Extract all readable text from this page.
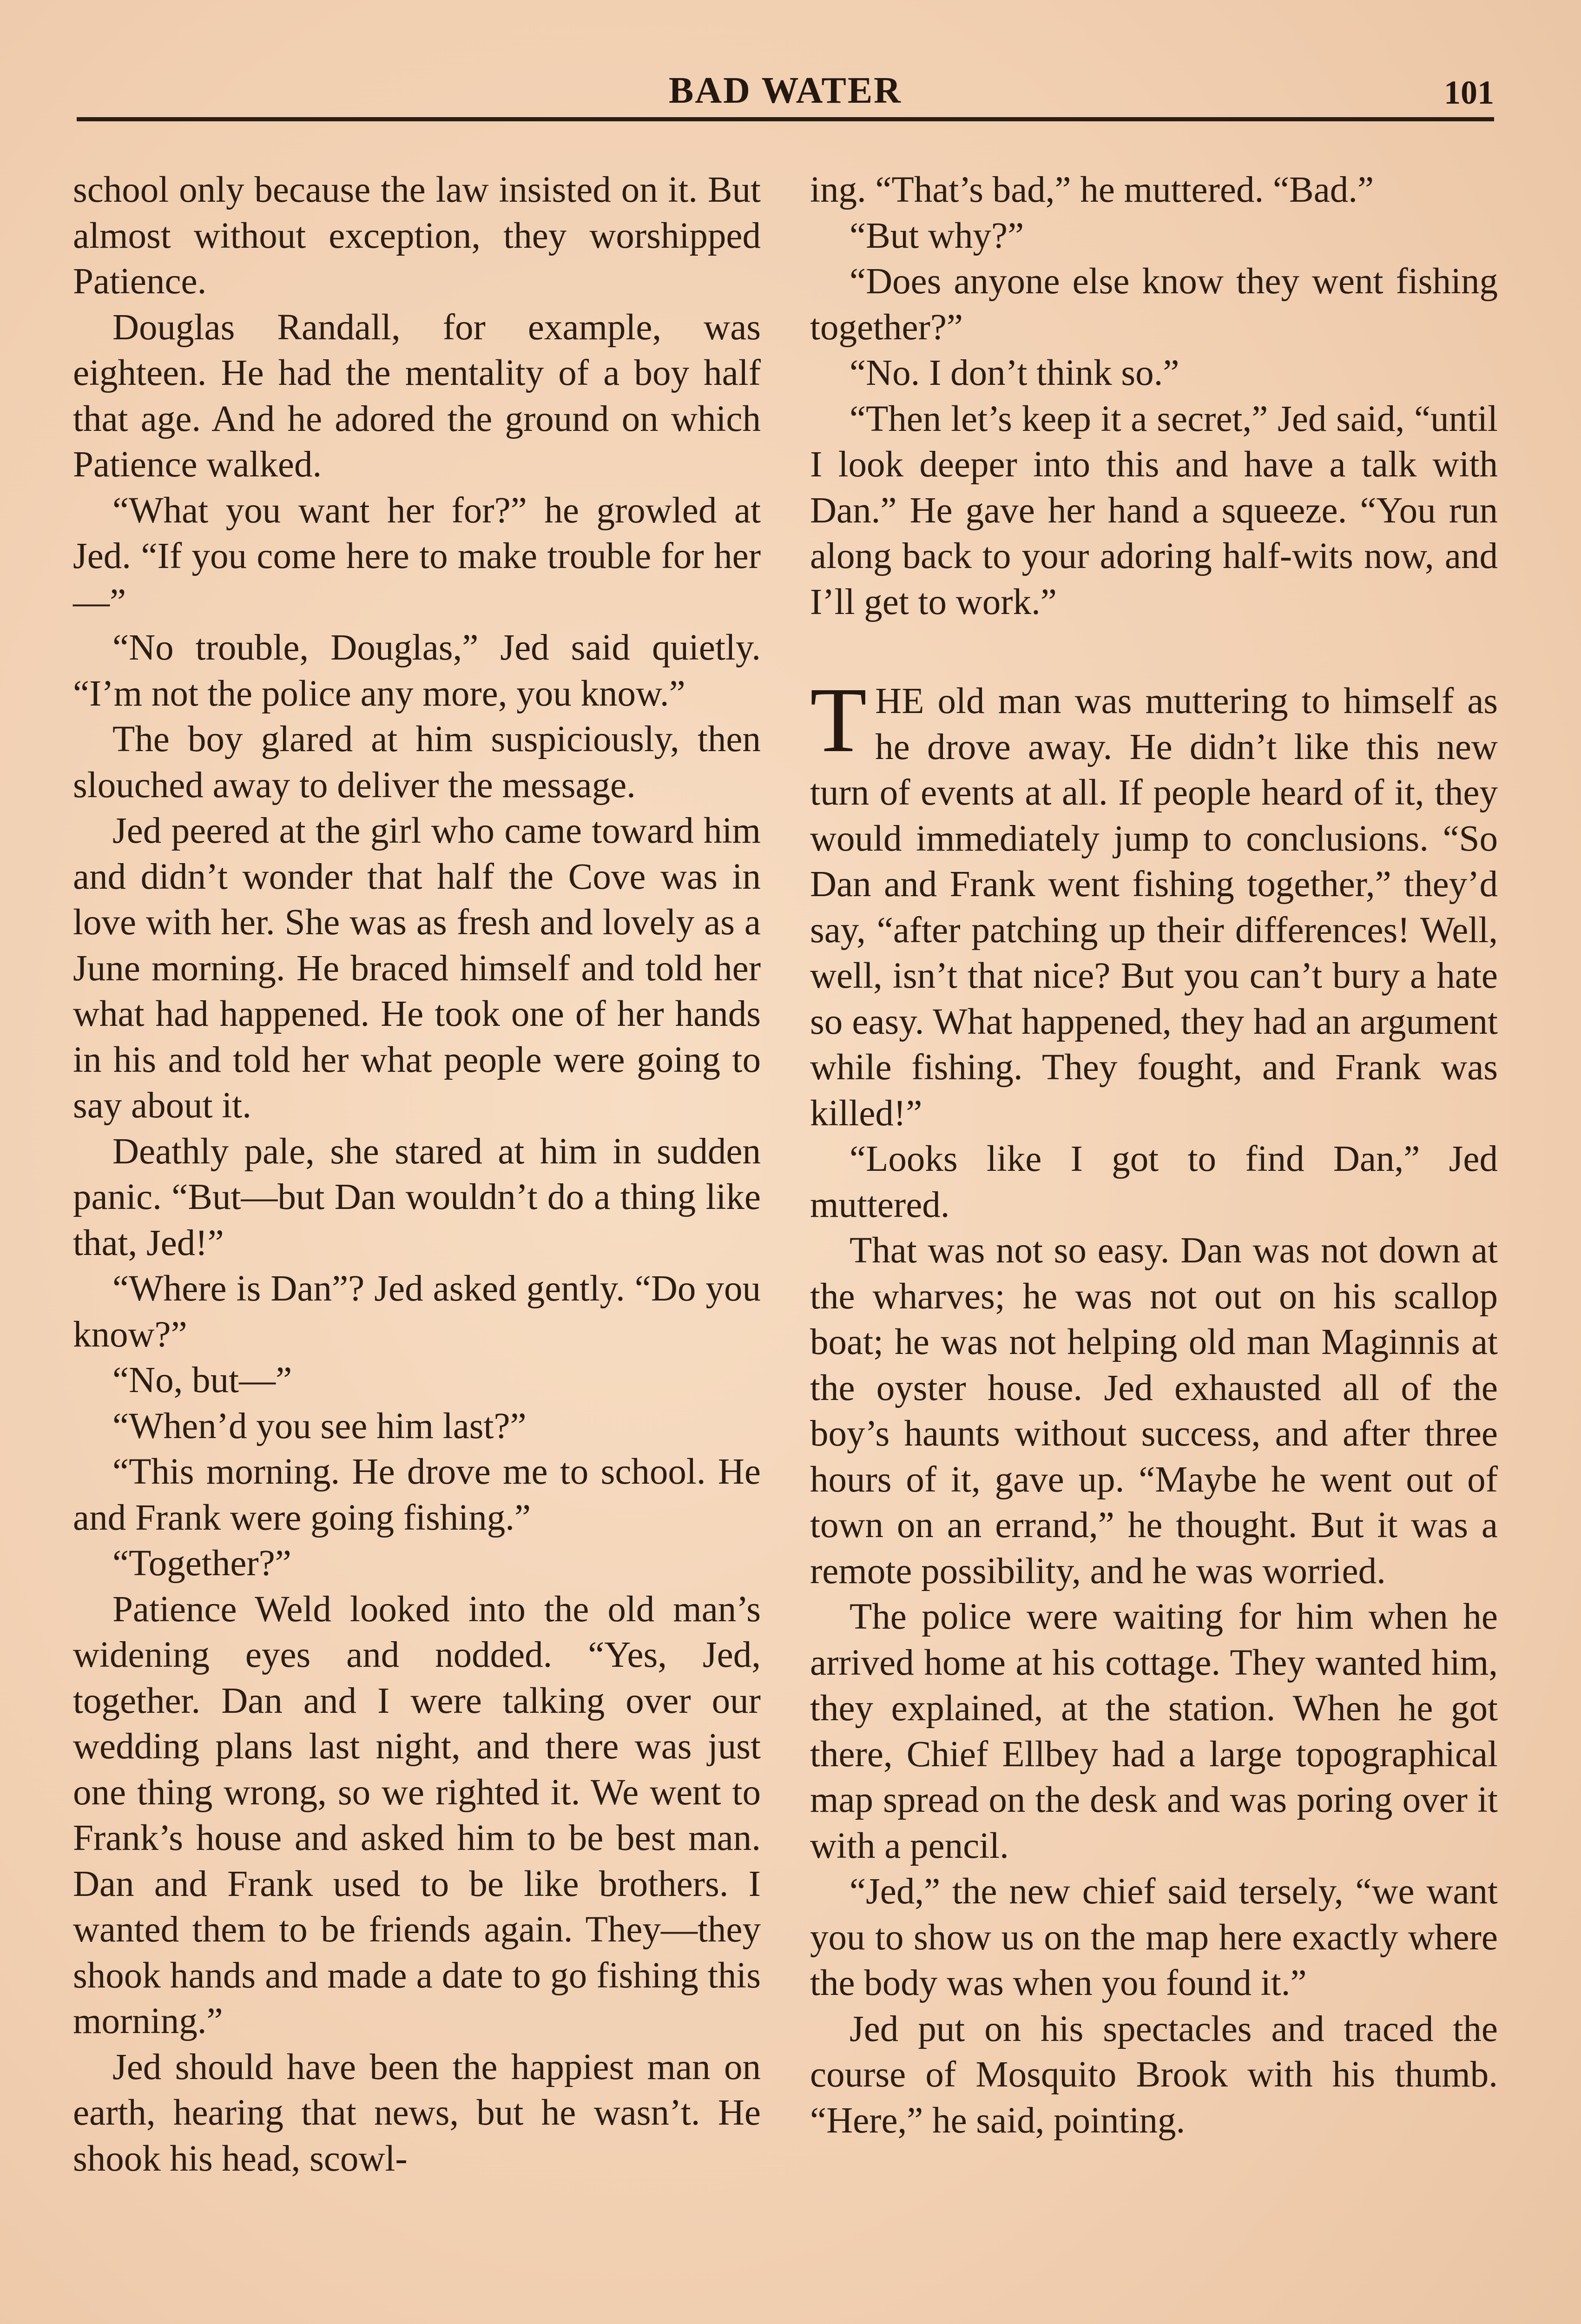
BAD WATER	101

school only because the law insisted on it. But almost without exception, they worshipped Patience.

Douglas Randall, for example, was eighteen. He had the mentality of a boy half that age. And he adored the ground on which Patience walked.

“What you want her for?” he growled at Jed. “If you come here to make trouble for her—”

“No trouble, Douglas,” Jed said quietly. “I’m not the police any more, you know.”

The boy glared at him suspiciously, then slouched away to deliver the message.

Jed peered at the girl who came toward him and didn’t wonder that half the Cove was in love with her. She was as fresh and lovely as a June morning. He braced himself and told her what had happened. He took one of her hands in his and told her what people were going to say about it.

Deathly pale, she stared at him in sudden panic. “But—but Dan wouldn’t do a thing like that, Jed!”

“Where is Dan”? Jed asked gently. “Do you know?”

“No, but—”

“When’d you see him last?”

“This morning. He drove me to school. He and Frank were going fishing.”

“Together?”

Patience Weld looked into the old man’s widening eyes and nodded. “Yes, Jed, together. Dan and I were talking over our wedding plans last night, and there was just one thing wrong, so we righted it. We went to Frank’s house and asked him to be best man. Dan and Frank used to be like brothers. I wanted them to be friends again. They—they shook hands and made a date to go fishing this morning.”

Jed should have been the happiest man on earth, hearing that news, but he wasn’t. He shook his head, scowl-

ing. “That’s bad,” he muttered. “Bad.”

“But why?”

“Does anyone else know they went fishing together?”

“No. I don’t think so.”

“Then let’s keep it a secret,” Jed said, “until I look deeper into this and have a talk with Dan.” He gave her hand a squeeze. “You run along back to your adoring half-wits now, and I’ll get to work.”

THE old man was muttering to himself as he drove away. He didn’t like this new turn of events at all. If people heard of it, they would immediately jump to conclusions. “So Dan and Frank went fishing together,” they’d say, “after patching up their differences! Well, well, isn’t that nice? But you can’t bury a hate so easy. What happened, they had an argument while fishing. They fought, and Frank was killed!”

“Looks like I got to find Dan,” Jed muttered.

That was not so easy. Dan was not down at the wharves; he was not out on his scallop boat; he was not helping old man Maginnis at the oyster house. Jed exhausted all of the boy’s haunts without success, and after three hours of it, gave up. “Maybe he went out of town on an errand,” he thought. But it was a remote possibility, and he was worried.

The police were waiting for him when he arrived home at his cottage. They wanted him, they explained, at the station. When he got there, Chief Ellbey had a large topographical map spread on the desk and was poring over it with a pencil.

“Jed,” the new chief said tersely, “we want you to show us on the map here exactly where the body was when you found it.”

Jed put on his spectacles and traced the course of Mosquito Brook with his thumb. “Here,” he said, pointing.
